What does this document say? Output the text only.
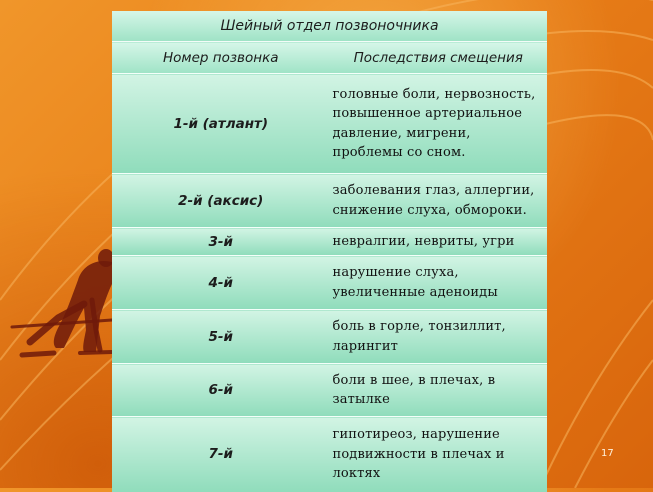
Шейный отдел позвоночника	
Номер позвонка	Последствия смещения
1-й (атлант)	головные боли, нервозность, повышенное артериальное давление, мигрени, проблемы со сном.
2-й (аксис)	заболевания глаз, аллергии, снижение слуха, обмороки.
3-й	невралгии, невриты, угри
4-й	нарушение слуха, увеличенные аденоиды
5-й	боль в горле, тонзиллит, ларингит
6-й	боли в шее, в плечах, в затылке
7-й	гипотиреоз, нарушение подвижности в плечах и локтях
17
